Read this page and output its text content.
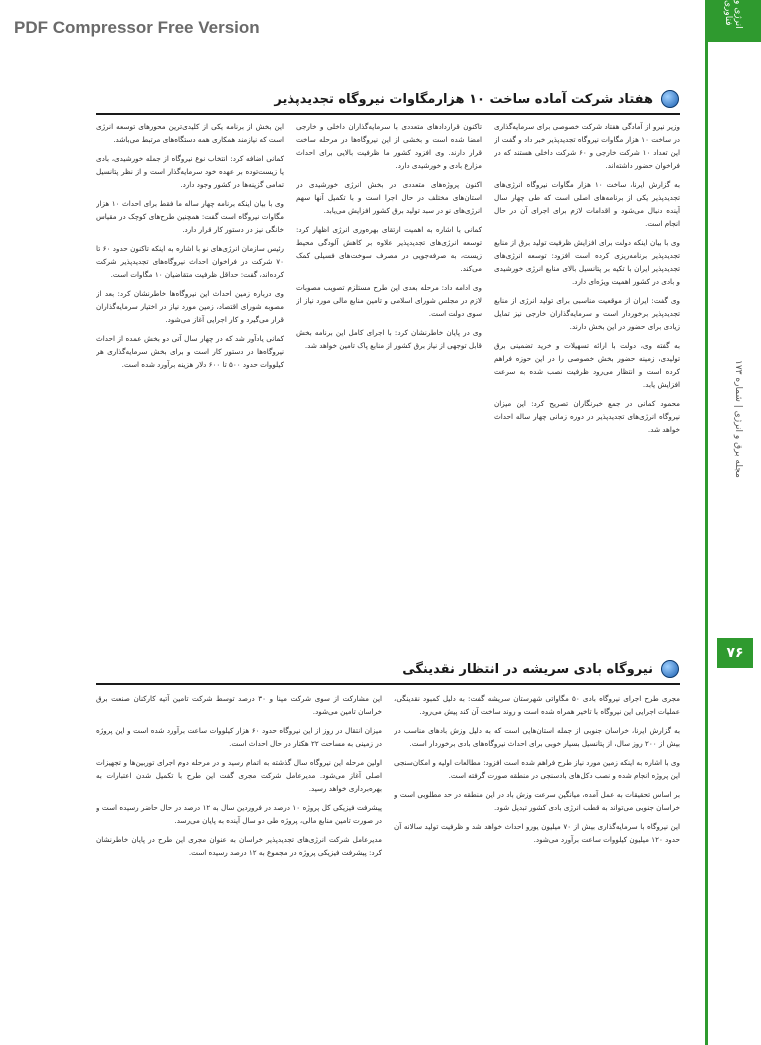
PDF Compressor Free Version	انرژی و فناوری
مجله برق و انرژی | شماره ۱۷۳
۷۶
هفتاد شرکت آماده ساخت ۱۰ هزارمگاوات نیروگاه تجدیدپذیر

وزیر نیرو از آمادگی هفتاد شرکت خصوصی برای سرمایه‌گذاری در ساخت ۱۰ هزار مگاوات نیروگاه تجدیدپذیر خبر داد و گفت از این تعداد ۱۰ شرکت خارجی و ۶۰ شرکت داخلی هستند که در فراخوان حضور داشته‌اند.

به گزارش ایرنا، ساخت ۱۰ هزار مگاوات نیروگاه انرژی‌های تجدیدپذیر یکی از برنامه‌های اصلی است که طی چهار سال آینده دنبال می‌شود و اقدامات لازم برای اجرای آن در حال انجام است.

وی با بیان اینکه دولت برای افزایش ظرفیت تولید برق از منابع تجدیدپذیر برنامه‌ریزی کرده است افزود: توسعه انرژی‌های تجدیدپذیر ایران با تکیه بر پتانسیل بالای منابع انرژی خورشیدی و بادی در کشور اهمیت ویژه‌ای دارد.

وی گفت: ایران از موقعیت مناسبی برای تولید انرژی از منابع تجدیدپذیر برخوردار است و سرمایه‌گذاران خارجی نیز تمایل زیادی برای حضور در این بخش دارند.

به گفته وی، دولت با ارائه تسهیلات و خرید تضمینی برق تولیدی، زمینه حضور بخش خصوصی را در این حوزه فراهم کرده است و انتظار می‌رود ظرفیت نصب شده به سرعت افزایش یابد.

محمود کمانی در جمع خبرنگاران تصریح کرد: این میزان نیروگاه انرژی‌های تجدیدپذیر در دوره زمانی چهار ساله احداث خواهد شد.

تاکنون قراردادهای متعددی با سرمایه‌گذاران داخلی و خارجی امضا شده است و بخشی از این نیروگاه‌ها در مرحله ساخت قرار دارند. وی افزود کشور ما ظرفیت بالایی برای احداث مزارع بادی و خورشیدی دارد.

اکنون پروژه‌های متعددی در بخش انرژی خورشیدی در استان‌های مختلف در حال اجرا است و با تکمیل آنها سهم انرژی‌های نو در سبد تولید برق کشور افزایش می‌یابد.

کمانی با اشاره به اهمیت ارتقای بهره‌وری انرژی اظهار کرد: توسعه انرژی‌های تجدیدپذیر علاوه بر کاهش آلودگی محیط زیست، به صرفه‌جویی در مصرف سوخت‌های فسیلی کمک می‌کند.

وی ادامه داد: مرحله بعدی این طرح مستلزم تصویب مصوبات لازم در مجلس شورای اسلامی و تامین منابع مالی مورد نیاز از سوی دولت است.

وی در پایان خاطرنشان کرد: با اجرای کامل این برنامه بخش قابل توجهی از نیاز برق کشور از منابع پاک تامین خواهد شد.

این بخش از برنامه یکی از کلیدی‌ترین محورهای توسعه انرژی است که نیازمند همکاری همه دستگاه‌های مرتبط می‌باشد.

کمانی اضافه کرد: انتخاب نوع نیروگاه از جمله خورشیدی، بادی یا زیست‌توده بر عهده خود سرمایه‌گذار است و از نظر پتانسیل تمامی گزینه‌ها در کشور وجود دارد.

وی با بیان اینکه برنامه چهار ساله ما فقط برای احداث ۱۰ هزار مگاوات نیروگاه است گفت: همچنین طرح‌های کوچک در مقیاس خانگی نیز در دستور کار قرار دارد.

رئیس سازمان انرژی‌های نو با اشاره به اینکه تاکنون حدود ۶۰ تا ۷۰ شرکت در فراخوان احداث نیروگاه‌های تجدیدپذیر شرکت کرده‌اند، گفت: حداقل ظرفیت متقاضیان ۱۰ مگاوات است.

وی درباره زمین احداث این نیروگاه‌ها خاطرنشان کرد: بعد از مصوبه شورای اقتصاد، زمین مورد نیاز در اختیار سرمایه‌گذاران قرار می‌گیرد و کار اجرایی آغاز می‌شود.

کمانی یادآور شد که در چهار سال آتی دو بخش عمده از احداث نیروگاه‌ها در دستور کار است و برای بخش سرمایه‌گذاری هر کیلووات حدود ۵۰۰ تا ۶۰۰ دلار هزینه برآورد شده است.

نیروگاه بادی سریشه در انتظار نقدینگی

مجری طرح اجرای نیروگاه بادی ۵۰ مگاواتی شهرستان سریشه گفت: به دلیل کمبود نقدینگی، عملیات اجرایی این نیروگاه با تاخیر همراه شده است و روند ساخت آن کند پیش می‌رود.

به گزارش ایرنا، خراسان جنوبی از جمله استان‌هایی است که به دلیل وزش بادهای مناسب در بیش از ۲۰۰ روز سال، از پتانسیل بسیار خوبی برای احداث نیروگاه‌های بادی برخوردار است.

وی با اشاره به اینکه زمین مورد نیاز طرح فراهم شده است افزود: مطالعات اولیه و امکان‌سنجی این پروژه انجام شده و نصب دکل‌های بادسنجی در منطقه صورت گرفته است.

بر اساس تحقیقات به عمل آمده، میانگین سرعت وزش باد در این منطقه در حد مطلوبی است و خراسان جنوبی می‌تواند به قطب انرژی بادی کشور تبدیل شود.

این نیروگاه با سرمایه‌گذاری بیش از ۷۰ میلیون یورو احداث خواهد شد و ظرفیت تولید سالانه آن حدود ۱۲۰ میلیون کیلووات ساعت برآورد می‌شود.

این مشارکت از سوی شرکت مپنا و ۳۰ درصد توسط شرکت تامین آتیه کارکنان صنعت برق خراسان تامین می‌شود.

میزان انتقال در روز از این نیروگاه حدود ۶۰ هزار کیلووات ساعت برآورد شده است و این پروژه در زمینی به مساحت ۲۲ هکتار در حال احداث است.

اولین مرحله این نیروگاه سال گذشته به اتمام رسید و در مرحله دوم اجرای توربین‌ها و تجهیزات اصلی آغاز می‌شود. مدیرعامل شرکت مجری گفت این طرح با تکمیل شدن اعتبارات به بهره‌برداری خواهد رسید.

پیشرفت فیزیکی کل پروژه ۱۰ درصد در فروردین سال به ۱۲ درصد در حال حاضر رسیده است و در صورت تامین منابع مالی، پروژه طی دو سال آینده به پایان می‌رسد.

مدیرعامل شرکت انرژی‌های تجدیدپذیر خراسان به عنوان مجری این طرح در پایان خاطرنشان کرد: پیشرفت فیزیکی پروژه در مجموع به ۱۲ درصد رسیده است.
